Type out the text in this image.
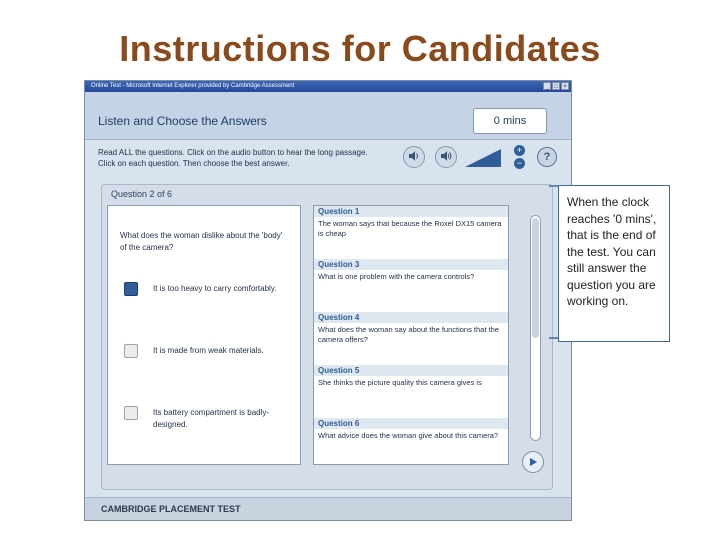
Instructions for Candidates
Online Test - Microsoft Internet Explorer provided by Cambridge Assessment	_ □ ×
Listen and Choose the Answers	0 mins
Read ALL the questions. Click on the audio button to hear the long passage. Click on each question. Then choose the best answer.
+
−	?
Question 2 of 6
What does the woman dislike about the 'body' of the camera?
It is too heavy to carry comfortably.
It is made from weak materials.
Its battery compartment is badly-designed.
Question 1
The woman says that because the Roxel DX15 camera is cheap
Question 3
What is one problem with the camera controls?
Question 4
What does the woman say about the functions that the camera offers?
Question 5
She thinks the picture quality this camera gives is
Question 6
What advice does the woman give about this camera?
CAMBRIDGE PLACEMENT TEST
When the clock reaches '0 mins', that is the end of the test. You can still answer the question you are working on.
